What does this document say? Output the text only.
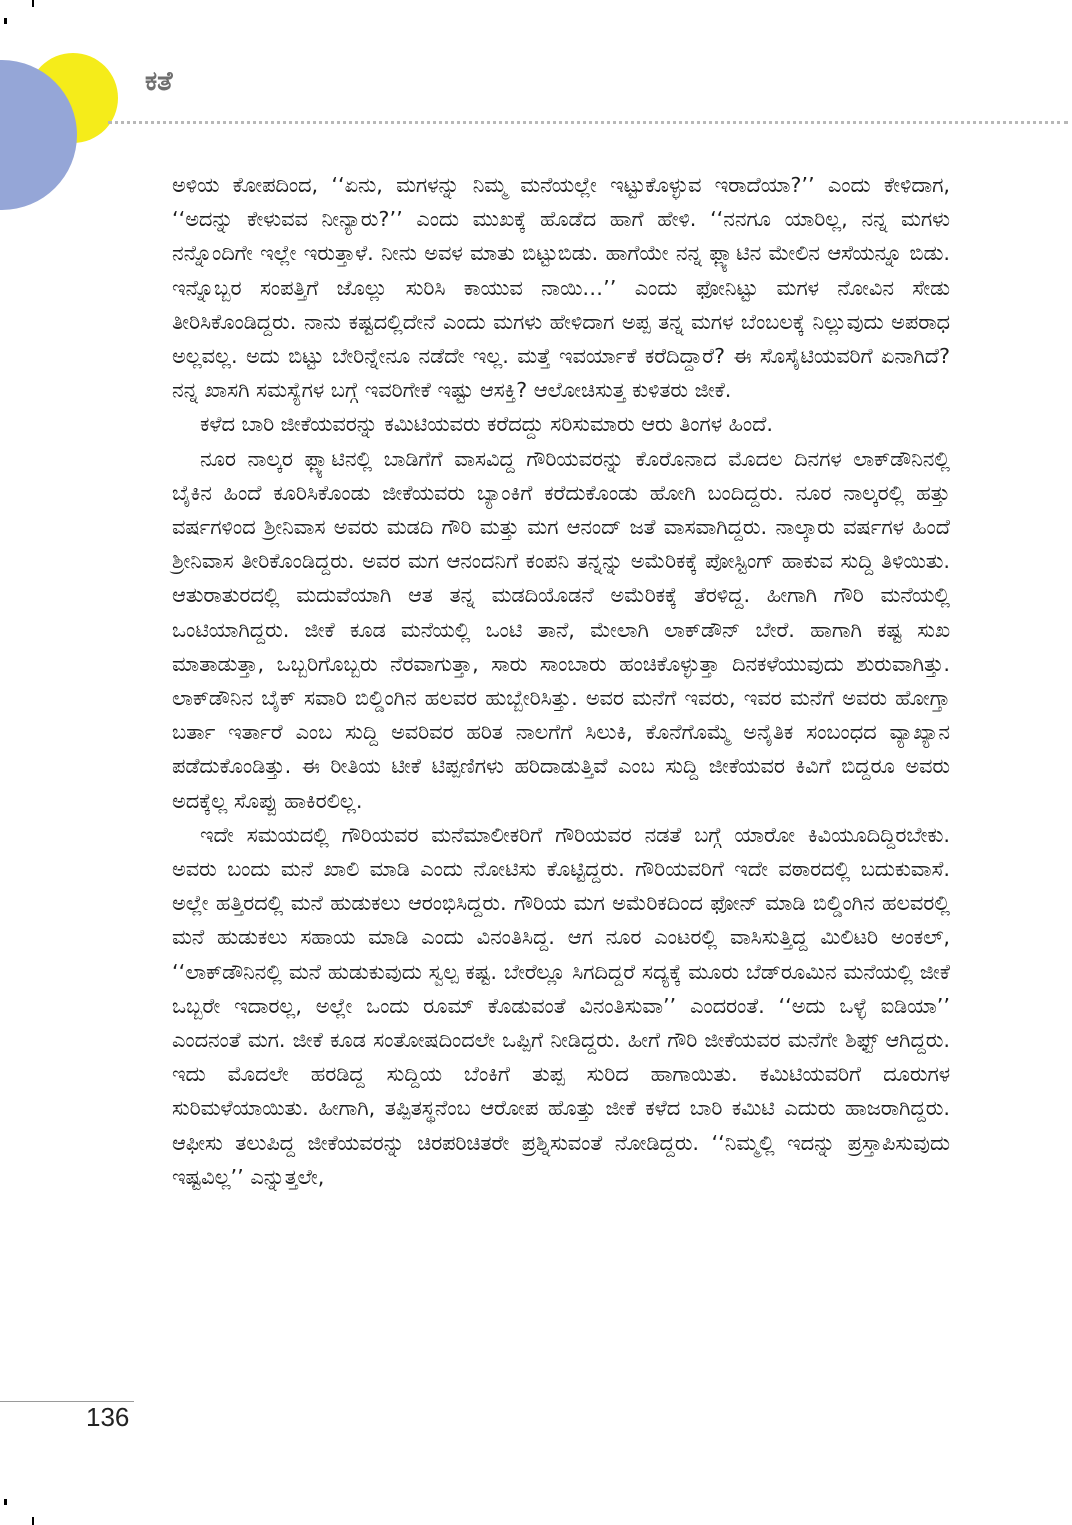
ಕತೆ

ಅಳಿಯ ಕೋಪದಿಂದ, ‘‘ಏನು, ಮಗಳನ್ನು ನಿಮ್ಮ ಮನೆಯಲ್ಲೇ ಇಟ್ಟುಕೊಳ್ಳುವ ಇರಾದೆಯಾ?’’ ಎಂದು ಕೇಳಿದಾಗ, ‘‘ಅದನ್ನು ಕೇಳುವವ ನೀನ್ಯಾರು?’’ ಎಂದು ಮುಖಕ್ಕೆ ಹೊಡೆದ ಹಾಗೆ ಹೇಳಿ. ‘‘ನನಗೂ ಯಾರಿಲ್ಲ, ನನ್ನ ಮಗಳು ನನ್ನೊಂದಿಗೇ ಇಲ್ಲೇ ಇರುತ್ತಾಳೆ. ನೀನು ಅವಳ ಮಾತು ಬಿಟ್ಟುಬಿಡು. ಹಾಗೆಯೇ ನನ್ನ ಫ್ಲ್ಯಾಟಿನ ಮೇಲಿನ ಆಸೆಯನ್ನೂ ಬಿಡು. ಇನ್ನೊಬ್ಬರ ಸಂಪತ್ತಿಗೆ ಜೊಲ್ಲು ಸುರಿಸಿ ಕಾಯುವ ನಾಯಿ…’’ ಎಂದು ಫೋನಿಟ್ಟು ಮಗಳ ನೋವಿನ ಸೇಡು ತೀರಿಸಿಕೊಂಡಿದ್ದರು. ನಾನು ಕಷ್ಟದಲ್ಲಿದೇನೆ ಎಂದು ಮಗಳು ಹೇಳಿದಾಗ ಅಪ್ಪ ತನ್ನ ಮಗಳ ಬೆಂಬಲಕ್ಕೆ ನಿಲ್ಲುವುದು ಅಪರಾಧ ಅಲ್ಲವಲ್ಲ. ಅದು ಬಿಟ್ಟು ಬೇರಿನ್ನೇನೂ ನಡೆದೇ ಇಲ್ಲ. ಮತ್ತೆ ಇವರ್ಯಾಕೆ ಕರೆದಿದ್ದಾರೆ? ಈ ಸೊಸೈಟಿಯವರಿಗೆ ಏನಾಗಿದೆ? ನನ್ನ ಖಾಸಗಿ ಸಮಸ್ಯೆಗಳ ಬಗ್ಗೆ ಇವರಿಗೇಕೆ ಇಷ್ಟು ಆಸಕ್ತಿ? ಆಲೋಚಿಸುತ್ತ ಕುಳಿತರು ಜೀಕೆ.

ಕಳೆದ ಬಾರಿ ಜೀಕೆಯವರನ್ನು ಕಮಿಟಿಯವರು ಕರೆದದ್ದು ಸರಿಸುಮಾರು ಆರು ತಿಂಗಳ ಹಿಂದೆ.

ನೂರ ನಾಲ್ಕರ ಫ್ಲ್ಯಾಟಿನಲ್ಲಿ ಬಾಡಿಗೆಗೆ ವಾಸವಿದ್ದ ಗೌರಿಯವರನ್ನು ಕೊರೊನಾದ ಮೊದಲ ದಿನಗಳ ಲಾಕ್‌ಡೌನಿನಲ್ಲಿ ಬೈಕಿನ ಹಿಂದೆ ಕೂರಿಸಿಕೊಂಡು ಜೀಕೆಯವರು ಬ್ಯಾಂಕಿಗೆ ಕರೆದುಕೊಂಡು ಹೋಗಿ ಬಂದಿದ್ದರು. ನೂರ ನಾಲ್ಕರಲ್ಲಿ ಹತ್ತು ವರ್ಷಗಳಿಂದ ಶ್ರೀನಿವಾಸ ಅವರು ಮಡದಿ ಗೌರಿ ಮತ್ತು ಮಗ ಆನಂದ್ ಜತೆ ವಾಸವಾಗಿದ್ದರು. ನಾಲ್ಕಾರು ವರ್ಷಗಳ ಹಿಂದೆ ಶ್ರೀನಿವಾಸ ತೀರಿಕೊಂಡಿದ್ದರು. ಅವರ ಮಗ ಆನಂದನಿಗೆ ಕಂಪನಿ ತನ್ನನ್ನು ಅಮೆರಿಕಕ್ಕೆ ಪೋಸ್ಟಿಂಗ್ ಹಾಕುವ ಸುದ್ದಿ ತಿಳಿಯಿತು. ಆತುರಾತುರದಲ್ಲಿ ಮದುವೆಯಾಗಿ ಆತ ತನ್ನ ಮಡದಿಯೊಡನೆ ಅಮೆರಿಕಕ್ಕೆ ತೆರಳಿದ್ದ. ಹೀಗಾಗಿ ಗೌರಿ ಮನೆಯಲ್ಲಿ ಒಂಟಿಯಾಗಿದ್ದರು. ಜೀಕೆ ಕೂಡ ಮನೆಯಲ್ಲಿ ಒಂಟಿ ತಾನೆ, ಮೇಲಾಗಿ ಲಾಕ್‌ಡೌನ್ ಬೇರೆ. ಹಾಗಾಗಿ ಕಷ್ಟ ಸುಖ ಮಾತಾಡುತ್ತಾ, ಒಬ್ಬರಿಗೊಬ್ಬರು ನೆರವಾಗುತ್ತಾ, ಸಾರು ಸಾಂಬಾರು ಹಂಚಿಕೊಳ್ಳುತ್ತಾ ದಿನಕಳೆಯುವುದು ಶುರುವಾಗಿತ್ತು. ಲಾಕ್‌ಡೌನಿನ ಬೈಕ್ ಸವಾರಿ ಬಿಲ್ಡಿಂಗಿನ ಹಲವರ ಹುಬ್ಬೇರಿಸಿತ್ತು. ಅವರ ಮನೆಗೆ ಇವರು, ಇವರ ಮನೆಗೆ ಅವರು ಹೋಗ್ತಾ ಬರ್ತಾ ಇರ್ತಾರೆ ಎಂಬ ಸುದ್ದಿ ಅವರಿವರ ಹರಿತ ನಾಲಗೆಗೆ ಸಿಲುಕಿ, ಕೊನೆಗೊಮ್ಮೆ ಅನೈತಿಕ ಸಂಬಂಧದ ವ್ಯಾಖ್ಯಾನ ಪಡೆದುಕೊಂಡಿತ್ತು. ಈ ರೀತಿಯ ಟೀಕೆ ಟಿಪ್ಪಣಿಗಳು ಹರಿದಾಡುತ್ತಿವೆ ಎಂಬ ಸುದ್ದಿ ಜೀಕೆಯವರ ಕಿವಿಗೆ ಬಿದ್ದರೂ ಅವರು ಅದಕ್ಕೆಲ್ಲ ಸೊಪ್ಪು ಹಾಕಿರಲಿಲ್ಲ.

ಇದೇ ಸಮಯದಲ್ಲಿ ಗೌರಿಯವರ ಮನೆಮಾಲೀಕರಿಗೆ ಗೌರಿಯವರ ನಡತೆ ಬಗ್ಗೆ ಯಾರೋ ಕಿವಿಯೂದಿದ್ದಿರಬೇಕು. ಅವರು ಬಂದು ಮನೆ ಖಾಲಿ ಮಾಡಿ ಎಂದು ನೋಟಿಸು ಕೊಟ್ಟಿದ್ದರು. ಗೌರಿಯವರಿಗೆ ಇದೇ ವಠಾರದಲ್ಲಿ ಬದುಕುವಾಸೆ. ಅಲ್ಲೇ ಹತ್ತಿರದಲ್ಲಿ ಮನೆ ಹುಡುಕಲು ಆರಂಭಿಸಿದ್ದರು. ಗೌರಿಯ ಮಗ ಅಮೆರಿಕದಿಂದ ಫೋನ್ ಮಾಡಿ ಬಿಲ್ಡಿಂಗಿನ ಹಲವರಲ್ಲಿ ಮನೆ ಹುಡುಕಲು ಸಹಾಯ ಮಾಡಿ ಎಂದು ವಿನಂತಿಸಿದ್ದ. ಆಗ ನೂರ ಎಂಟರಲ್ಲಿ ವಾಸಿಸುತ್ತಿದ್ದ ಮಿಲಿಟರಿ ಅಂಕಲ್, ‘‘ಲಾಕ್‌ಡೌನಿನಲ್ಲಿ ಮನೆ ಹುಡುಕುವುದು ಸ್ವಲ್ಪ ಕಷ್ಟ. ಬೇರೆಲ್ಲೂ ಸಿಗದಿದ್ದರೆ ಸದ್ಯಕ್ಕೆ ಮೂರು ಬೆಡ್‌ರೂಮಿನ ಮನೆಯಲ್ಲಿ ಜೀಕೆ ಒಬ್ಬರೇ ಇದಾರಲ್ಲ, ಅಲ್ಲೇ ಒಂದು ರೂಮ್ ಕೊಡುವಂತೆ ವಿನಂತಿಸುವಾ’’ ಎಂದರಂತೆ. ‘‘ಅದು ಒಳ್ಳೆ ಐಡಿಯಾ’’ ಎಂದನಂತೆ ಮಗ. ಜೀಕೆ ಕೂಡ ಸಂತೋಷದಿಂದಲೇ ಒಪ್ಪಿಗೆ ನೀಡಿದ್ದರು. ಹೀಗೆ ಗೌರಿ ಜೀಕೆಯವರ ಮನೆಗೇ ಶಿಫ್ಟ್ ಆಗಿದ್ದರು. ಇದು ಮೊದಲೇ ಹರಡಿದ್ದ ಸುದ್ದಿಯ ಬೆಂಕಿಗೆ ತುಪ್ಪ ಸುರಿದ ಹಾಗಾಯಿತು. ಕಮಿಟಿಯವರಿಗೆ ದೂರುಗಳ ಸುರಿಮಳೆಯಾಯಿತು. ಹೀಗಾಗಿ, ತಪ್ಪಿತಸ್ಥನೆಂಬ ಆರೋಪ ಹೊತ್ತು ಜೀಕೆ ಕಳೆದ ಬಾರಿ ಕಮಿಟಿ ಎದುರು ಹಾಜರಾಗಿದ್ದರು. ಆಫೀಸು ತಲುಪಿದ್ದ ಜೀಕೆಯವರನ್ನು ಚಿರಪರಿಚಿತರೇ ಪ್ರಶ್ನಿಸುವಂತೆ ನೋಡಿದ್ದರು. ‘‘ನಿಮ್ಮಲ್ಲಿ ಇದನ್ನು ಪ್ರಸ್ತಾಪಿಸುವುದು ಇಷ್ಟವಿಲ್ಲ’’ ಎನ್ನುತ್ತಲೇ,

136
